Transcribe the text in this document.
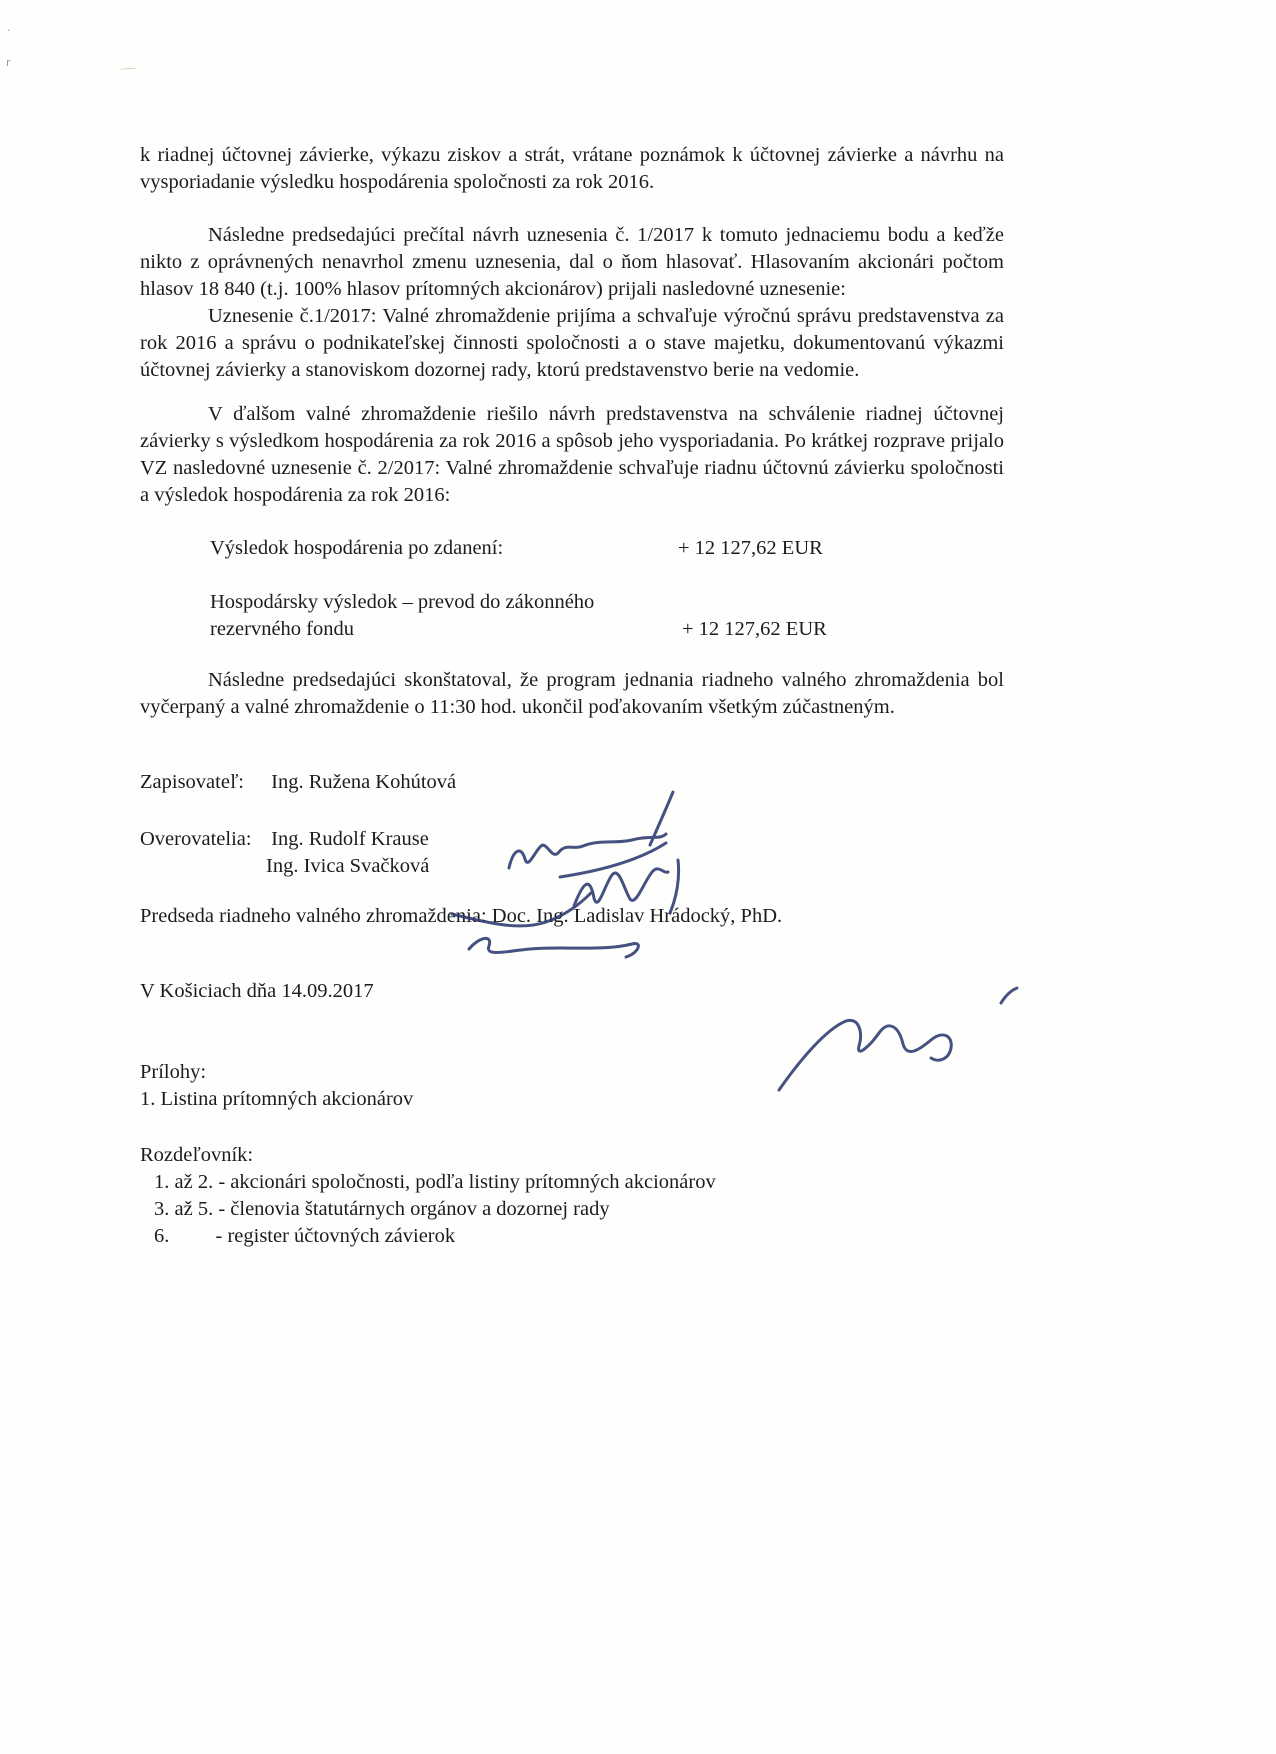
·
r

k riadnej účtovnej závierke, výkazu ziskov a strát, vrátane poznámok k účtovnej závierke a návrhu na vysporiadanie výsledku hospodárenia spoločnosti za rok 2016.

Následne predsedajúci prečítal návrh uznesenia č. 1/2017 k tomuto jednaciemu bodu a keďže nikto z oprávnených nenavrhol zmenu uznesenia, dal o ňom hlasovať. Hlasovaním akcionári počtom hlasov 18 840 (t.j. 100% hlasov prítomných akcionárov) prijali nasledovné uznesenie:

Uznesenie č.1/2017: Valné zhromaždenie prijíma a schvaľuje výročnú správu predstavenstva za rok 2016 a správu o podnikateľskej činnosti spoločnosti a o stave majetku, dokumentovanú výkazmi účtovnej závierky a stanoviskom dozornej rady, ktorú predstavenstvo berie na vedomie.

V ďalšom valné zhromaždenie riešilo návrh predstavenstva na schválenie riadnej účtovnej závierky s výsledkom hospodárenia za rok 2016 a spôsob jeho vysporiadania. Po krátkej rozprave prijalo VZ nasledovné uznesenie č. 2/2017: Valné zhromaždenie schvaľuje riadnu účtovnú závierku spoločnosti a výsledok hospodárenia za rok 2016:

Výsledok hospodárenia po zdanení:	+ 12 127,62 EUR
Hospodársky výsledok – prevod do zákonného
rezervného fondu	+ 12 127,62 EUR

Následne predsedajúci skonštatoval, že program jednania riadneho valného zhromaždenia bol vyčerpaný a valné zhromaždenie o 11:30 hod. ukončil poďakovaním všetkým zúčastneným.

Zapisovateľ: Ing. Ružena Kohútová

Overovatelia: Ing. Rudolf Krause

Ing. Ivica Svačková

Predseda riadneho valného zhromaždenia: Doc. Ing. Ladislav Hrádocký, PhD.

V Košiciach dňa 14.09.2017

Prílohy:

1. Listina prítomných akcionárov

Rozdeľovník:

1. až 2. - akcionári spoločnosti, podľa listiny prítomných akcionárov

3. až 5. - členovia štatutárnych orgánov a dozornej rady

6.         - register účtovných závierok
